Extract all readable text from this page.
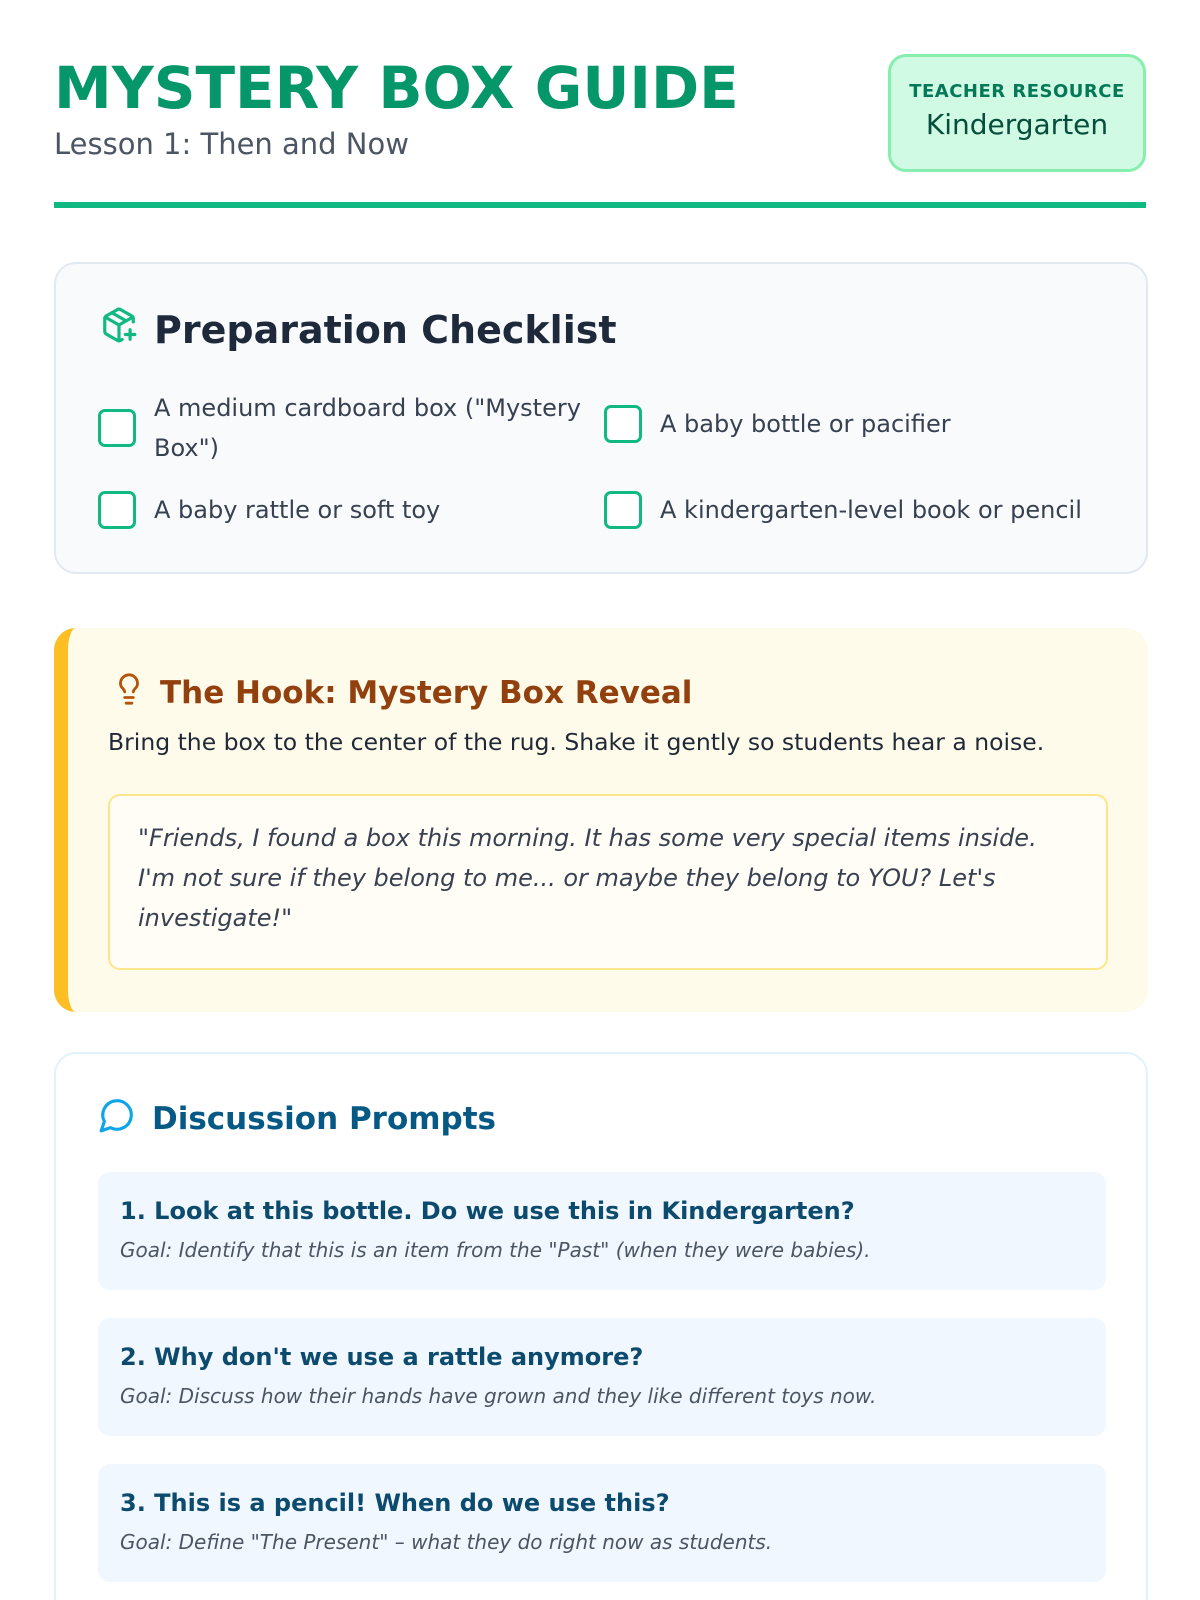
MYSTERY BOX GUIDE
Lesson 1: Then and Now
TEACHER RESOURCE
Kindergarten
Preparation Checklist
A medium cardboard box ("Mystery Box")
A baby bottle or pacifier
A baby rattle or soft toy	A kindergarten-level book or pencil
The Hook: Mystery Box Reveal
Bring the box to the center of the rug. Shake it gently so students hear a noise.
"Friends, I found a box this morning. It has some very special items inside. I'm not sure if they belong to me... or maybe they belong to YOU? Let's investigate!"
Discussion Prompts
1. Look at this bottle. Do we use this in Kindergarten?
Goal: Identify that this is an item from the "Past" (when they were babies).
2. Why don't we use a rattle anymore?
Goal: Discuss how their hands have grown and they like different toys now.
3. This is a pencil! When do we use this?
Goal: Define "The Present" – what they do right now as students.
